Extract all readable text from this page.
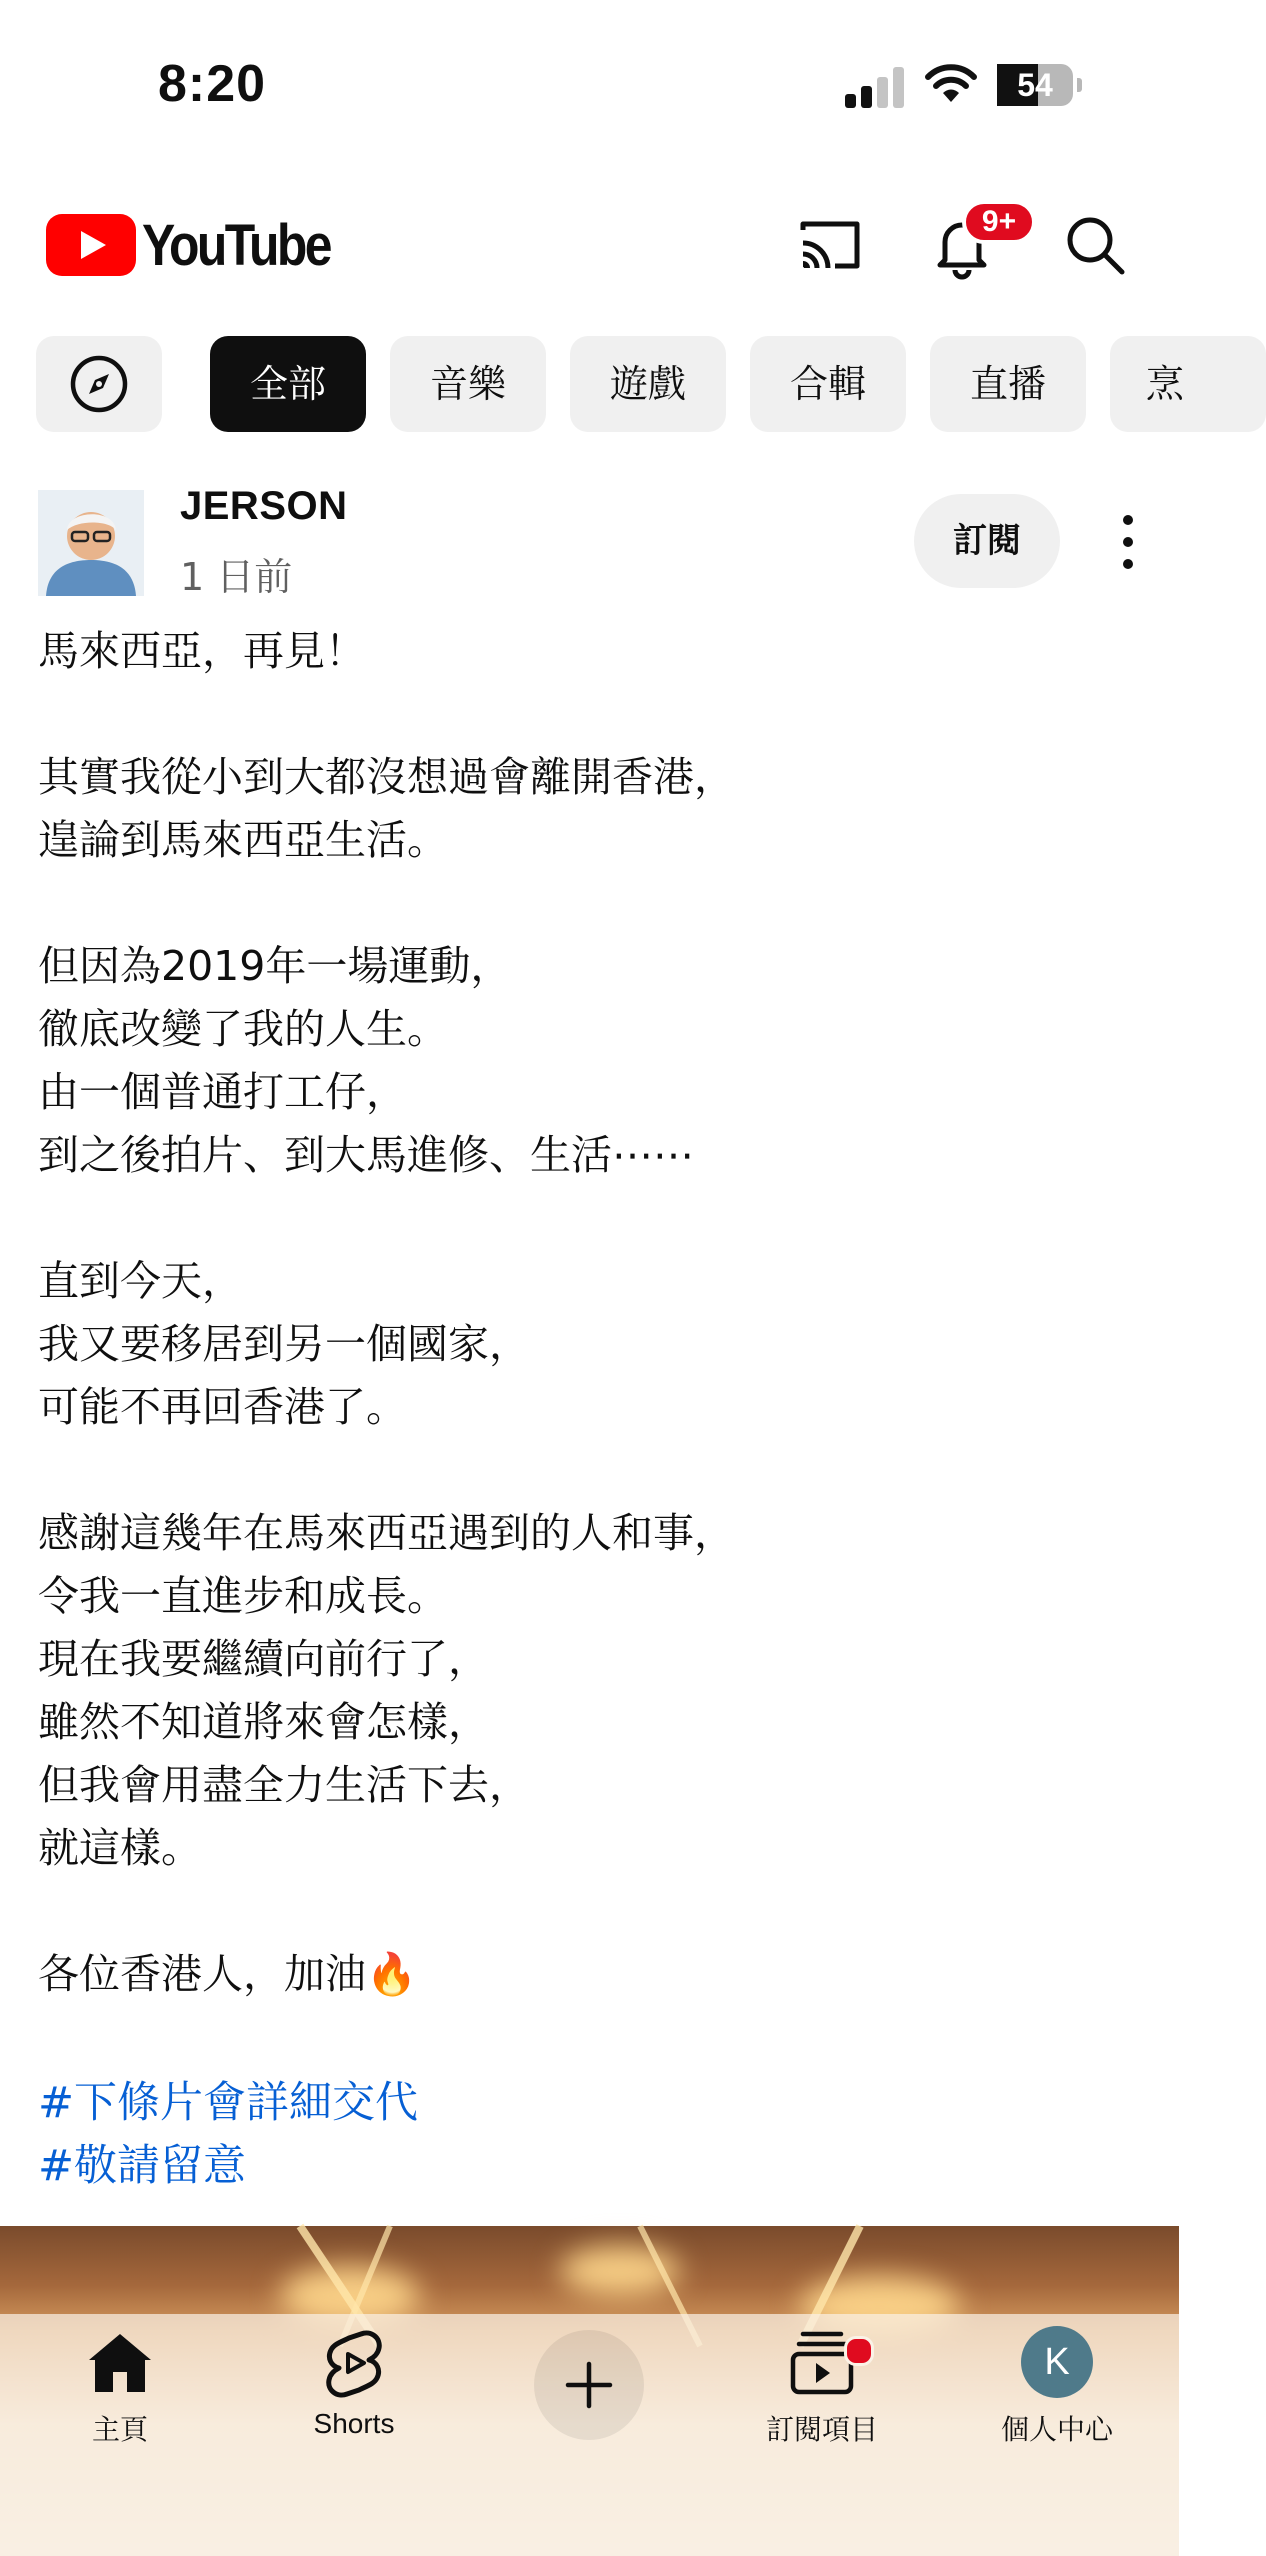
8:20	54
YouTube	9+
全部	音樂	遊戲	合輯	直播	烹
JERSON
1 日前
訂閱
馬來西亞，再見！
其實我從小到大都沒想過會離開香港，
遑論到馬來西亞生活。
但因為2019年一場運動，
徹底改變了我的人生。
由一個普通打工仔，
到之後拍片、到大馬進修、生活⋯⋯
直到今天，
我又要移居到另一個國家，
可能不再回香港了。
感謝這幾年在馬來西亞遇到的人和事，
令我一直進步和成長。
現在我要繼續向前行了，
雖然不知道將來會怎樣，
但我會用盡全力生活下去，
就這樣。
各位香港人，加油🔥
#下條片會詳細交代
#敬請留意
主頁	Shorts	訂閱項目
K
個人中心
